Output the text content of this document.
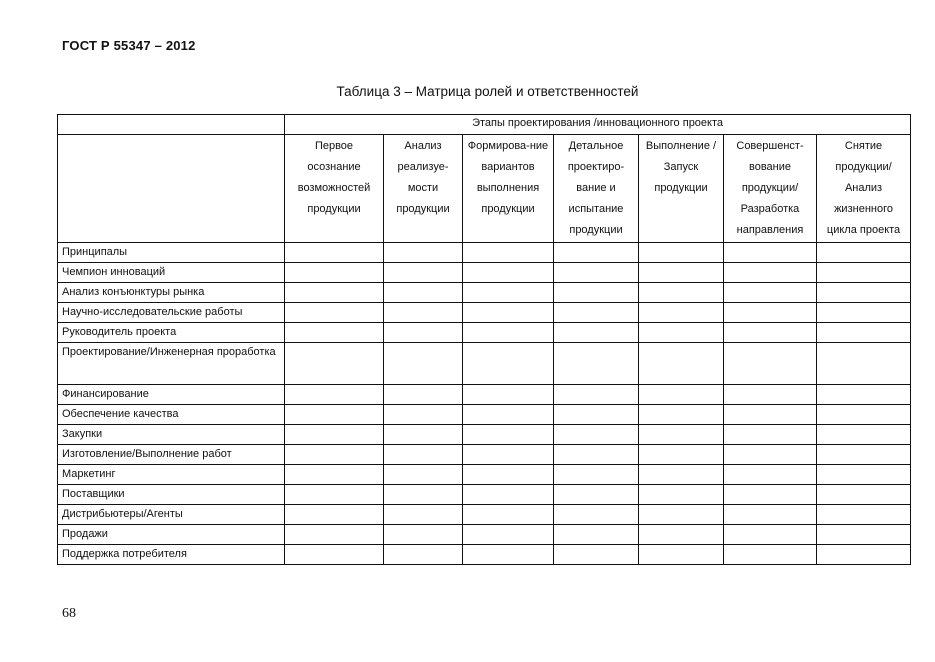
ГОСТ Р 55347 – 2012
Таблица 3 – Матрица ролей и ответственностей
	Этапы проектирования /инновационного проекта						
	Первое осознание возможностей продукции	Анализ реализуе-мости продукции	Формирова-ние вариантов выполнения продукции	Детальное проектиро-вание и испытание продукции	Выполнение / Запуск продукции	Совершенст-вование продукции/ Разработка направления	Снятие продукции/ Анализ жизненного цикла проекта
Принципалы							
Чемпион инноваций							
Анализ конъюнктуры рынка							
Научно-исследовательские работы							
Руководитель проекта							
Проектирование/Инженерная проработка							
Финансирование							
Обеспечение качества							
Закупки							
Изготовление/Выполнение работ							
Маркетинг							
Поставщики							
Дистрибьютеры/Агенты							
Продажи							
Поддержка потребителя							
68
